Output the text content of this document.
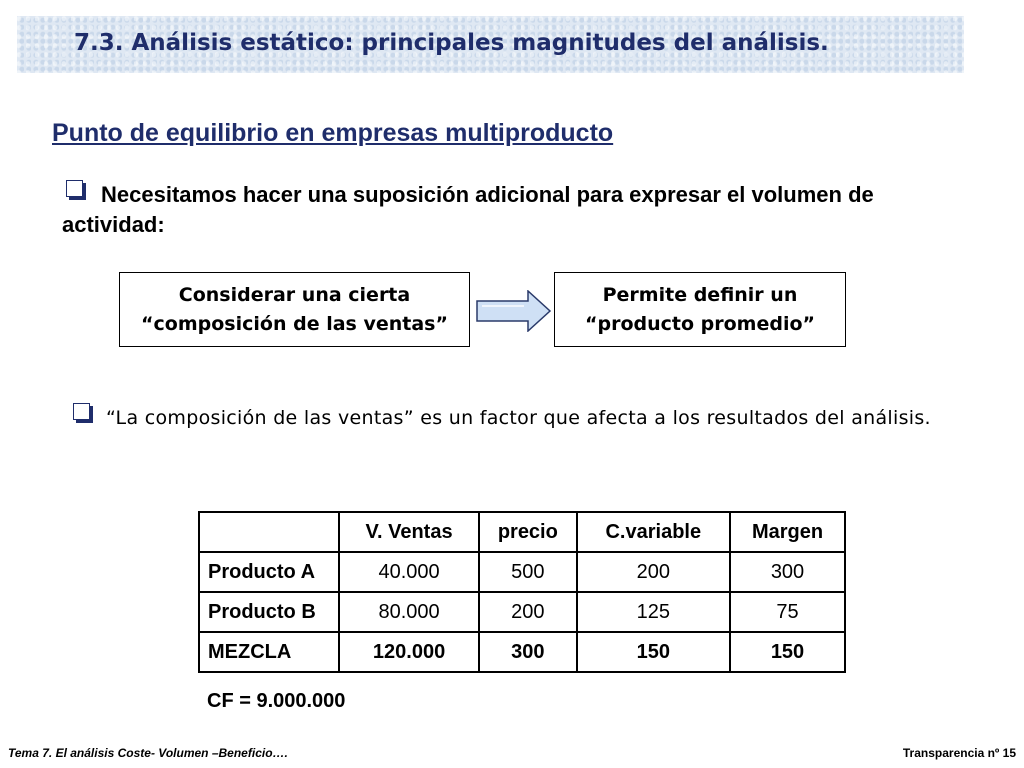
7.3. Análisis estático: principales magnitudes del análisis.
Punto de equilibrio en empresas multiproducto
Necesitamos hacer una suposición adicional para expresar el volumen de actividad:
Considerar una cierta
“composición de las ventas”
Permite definir un
“producto promedio”
“La composición de las ventas” es un factor que afecta a los resultados del análisis.
	V. Ventas	precio	C.variable	Margen
Producto A	40.000	500	200	300
Producto B	80.000	200	125	75
MEZCLA	120.000	300	150	150
CF = 9.000.000
Tema 7. El análisis Coste- Volumen –Beneficio….	Transparencia nº 15
